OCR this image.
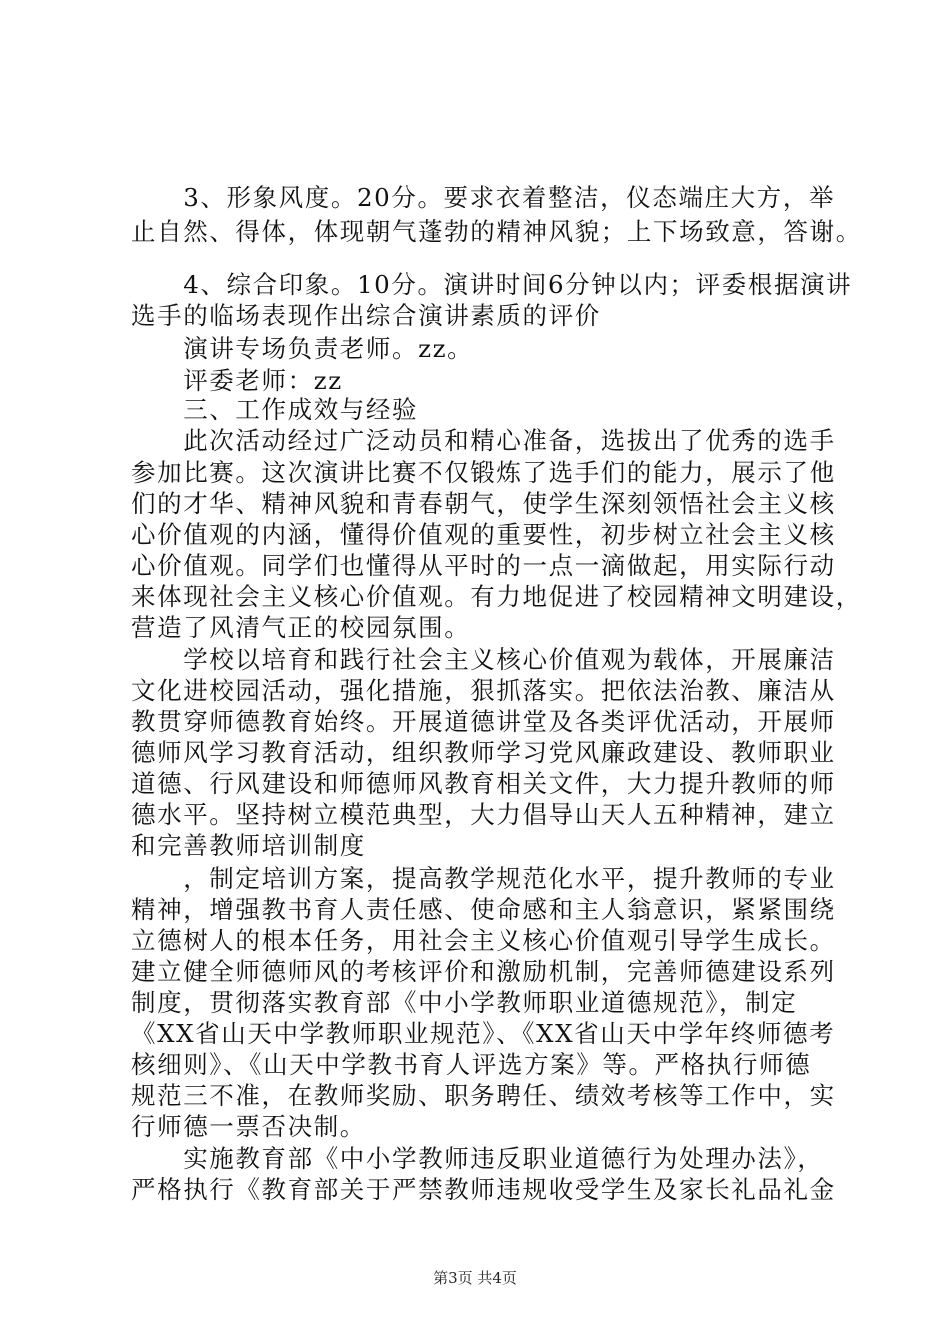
　　3、形象风度。20分。要求衣着整洁，仪态端庄大方，举
止自然、得体，体现朝气蓬勃的精神风貌；上下场致意，答谢。
　　4、综合印象。10分。演讲时间6分钟以内；评委根据演讲
选手的临场表现作出综合演讲素质的评价
　　演讲专场负责老师。zz。
　　评委老师：zz
　　三、工作成效与经验
　　此次活动经过广泛动员和精心准备，选拔出了优秀的选手
参加比赛。这次演讲比赛不仅锻炼了选手们的能力，展示了他
们的才华、精神风貌和青春朝气，使学生深刻领悟社会主义核
心价值观的内涵，懂得价值观的重要性，初步树立社会主义核
心价值观。同学们也懂得从平时的一点一滴做起，用实际行动
来体现社会主义核心价值观。有力地促进了校园精神文明建设，
营造了风清气正的校园氛围。
　　学校以培育和践行社会主义核心价值观为载体，开展廉洁
文化进校园活动，强化措施，狠抓落实。把依法治教、廉洁从
教贯穿师德教育始终。开展道德讲堂及各类评优活动，开展师
德师风学习教育活动，组织教师学习党风廉政建设、教师职业
道德、行风建设和师德师风教育相关文件，大力提升教师的师
德水平。坚持树立模范典型，大力倡导山天人五种精神，建立
和完善教师培训制度
　　，制定培训方案，提高教学规范化水平，提升教师的专业
精神，增强教书育人责任感、使命感和主人翁意识，紧紧围绕
立德树人的根本任务，用社会主义核心价值观引导学生成长。
建立健全师德师风的考核评价和激励机制，完善师德建设系列
制度，贯彻落实教育部《中小学教师职业道德规范》，制定
《XX省山天中学教师职业规范》、《XX省山天中学年终师德考
核细则》、《山天中学教书育人评选方案》等。严格执行师德
规范三不准，在教师奖励、职务聘任、绩效考核等工作中，实
行师德一票否决制。
　　实施教育部《中小学教师违反职业道德行为处理办法》，
严格执行《教育部关于严禁教师违规收受学生及家长礼品礼金
第3页 共4页
